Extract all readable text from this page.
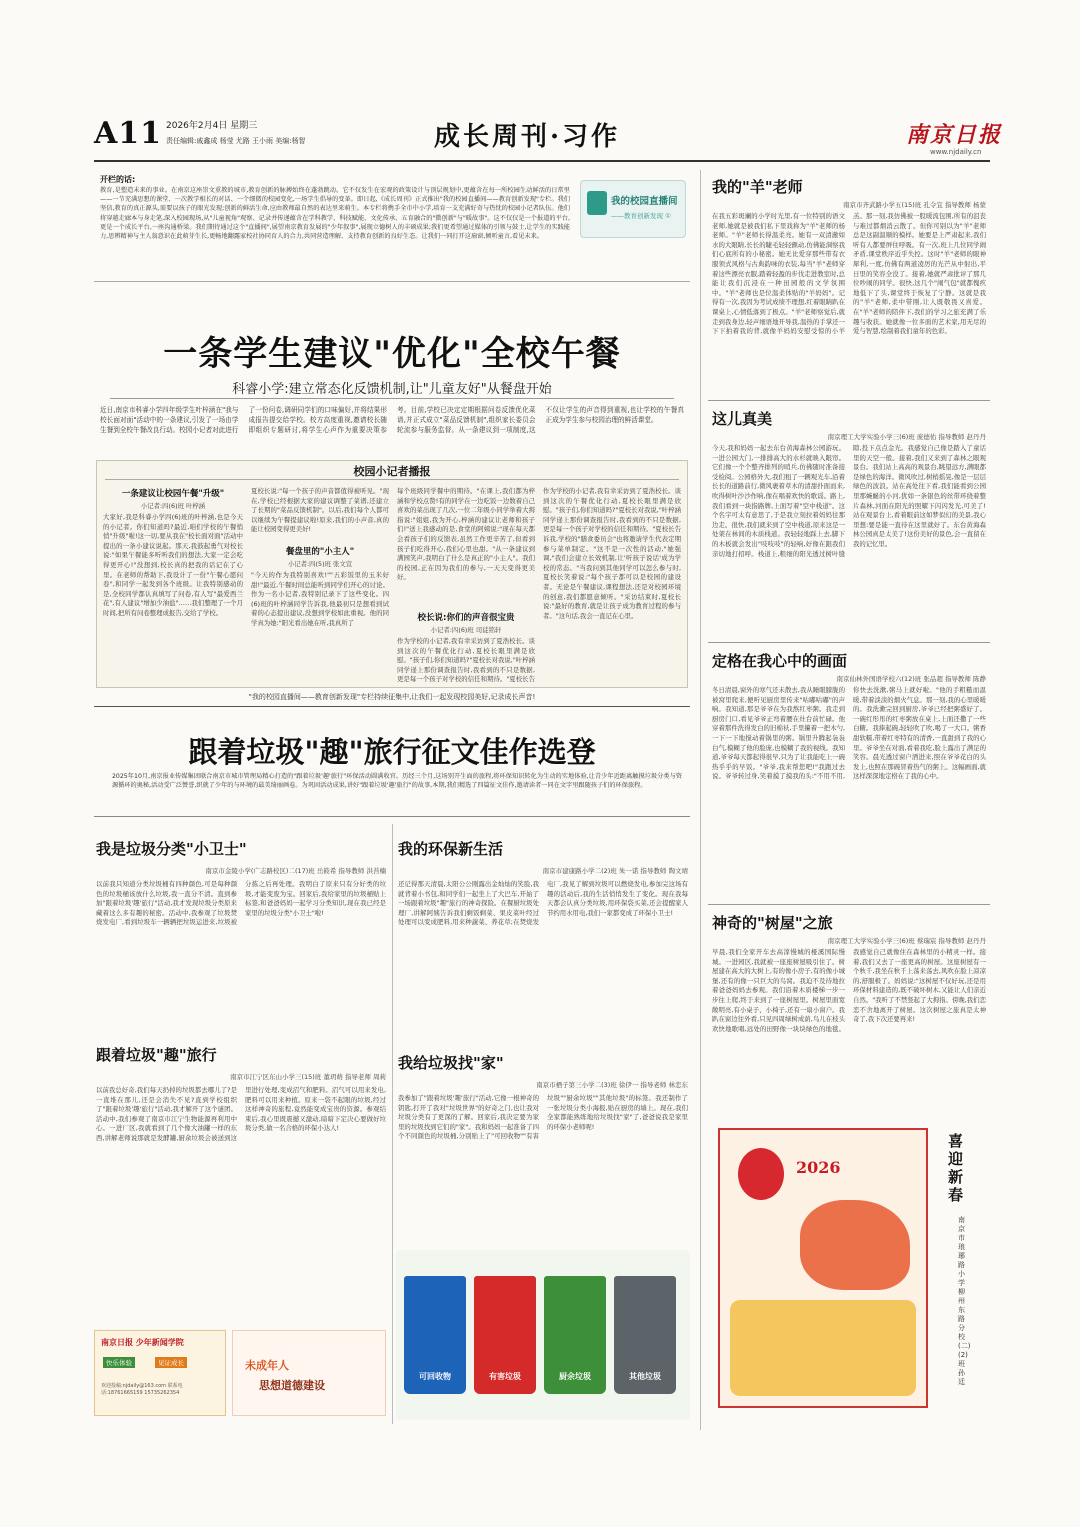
A11 2026年2月4日 星期三
责任编辑:戚鑫成 杨莹 尤路 王小雨 美编:杨智	成长周刊·习作	南京日报
www.njdaily.cn
开栏的话:
教育,是塑造未来的事业。在南京这座崇文重教的城市,教育创新的脉搏始终在蓬勃跳动。它不仅发生在宏观的政策设计与顶层规划中,更蕴含在每一所校园生动鲜活的日常里——一节充满思想的课堂、一次教学相长的对话、一个细微的校园变化,一场学生倡导的变革。即日起,《成长周刊》正式推出"我的校园直播间——教育创新发现"专栏。我们坚信,教育的真正源头,需要以孩子的眼光发现;创新的鲜活生命,应由教师最自然的表达里来萌生。本专栏将携手全市中小学,培育一支充满好奇与热忱的校园小记者队伍。他们将穿越走廊本与身走笔,深入校园现场,从"儿童视角"观察、记录并传递蕴含在学科教学、科技赋能、文化传承、五育融合的"微创新"与"暖故事"。这不仅仅是一个报道的平台,更是一个成长平台,一座沟通桥梁。我们期待通过这个"直播间",展望南京教育发展的"少年叙事",展现立德树人的丰硕成果;我们更希望通过媒体的引领与鼓士,让学生的实践能力,思辨精神与主人翁意识在此萌芽生长,更畅地翻露家校社协同育人的合力,共同营造理解、支持教育创新的良好生态。让我们一同打开这扇窗,倾听童言,看见未来。
我的校园直播间
——教育创新发现 ①
一条学生建议"优化"全校午餐
科睿小学:建立常态化反馈机制,让"儿童友好"从餐盘开始
近日,南京市科睿小学四年级学生叶梓涵在"我与校长面对面"活动中的一条建议,引发了一场由学生餐到全校午餐改良行动。校园小记者对此进行了一份问卷,调研同学们的口味偏好,并将结果形成报告提交给学校。校方高度重视,邀请校长随即组织专题研讨,将学生心声作为重要决策参考。目前,学校已决定定期根据问卷反馈优化菜谱,并正式成立"菜品反馈机制",组织家长委员会轮流参与服务监督。从一条建议到一项制度,这不仅让学生的声音得到重视,也让学校的午餐真正成为学生参与校园治理的鲜活课堂。
校园小记者播报
一条建议让校园午餐"升级"
小记者:四(6)班 叶梓涵
大家好,我是科睿小学四(6)班的叶梓涵,也是今天的小记者。你们知道吗?最近,咱们学校的午餐悄悄"升级"啦!这一切,要从我在"校长面对面"活动中提出的一条小建议说起。那天,我鼓起勇气对校长说:"如果午餐能多听听我们的想法,大家一定会吃得更开心!"没想到,校长真的把我的话记在了心里。在老师的帮助下,我设计了一份"午餐心愿问卷",和同学一起发到各个班级。让我特别感动的是,全校同学都认真填写了问卷,有人写"最爱西兰花",有人建议"增加少油盐"……我们整理了一个月时间,把所有问卷整理成报告,交给了学校。
夏校长说:"每一个孩子的声音都值得被听见。"现在,学校已经根据大家的建议调整了菜谱,还建立了长期的"菜品反馈机制"。以后,我们每个人都可以继续为午餐提建议啦!原来,我们的小声音,真的能让校园变得更美好!
餐盘里的"小主人"
小记者:四(5)班 张文宣
"今天的作为我特别喜欢!""五彩饭里的玉米好甜!"最近,午餐时间总能听到同学们开心的讨论。作为一名小记者,我特别记录下了这些变化。四(6)班的叶梓涵同学告诉我,他最初只是想看到试着的心态提出建议,没想到学校如此重视。他的同学真为她:"阳光看出她在听,我真所了
每个班级同学餐中的期待。"在课上,我们都为梓涵和学校点赞!有的同学在一边吃饭一边数着自己喜欢的菜出现了几次,一位二年级小同学举着大拇指说:"姐姐,我为开心,梓涵的建议让老师和孩子们!"送上我感动的是,食堂的阿姨说:"现在每天都会看孩子们的反馈表,虽然工作更辛苦了,但看到孩子们吃得开心,我们心里也甜。"从一条建议到满园笑声,我明白了什么是真正的"小主人"。我们的校园,正在因为我们的参与,一天天变得更美好。
校长说:你们的声音很宝贵
小记者:四(6)班 司徒铭轩
作为学校的小记者,我有幸采访到了夏浩校长。谈到这次的午餐优化行动,夏校长眼里满是欣慰。"孩子们,你们知道吗?"夏校长对我说,"叶梓涵同学递上那份调查报告时,我看到的不只是数据,更是每一个孩子对学校的信任和期待。"夏校长告
作为学校的小记者,我有幸采访到了夏浩校长。谈到这次的午餐优化行动,夏校长眼里满是欣慰。"孩子们,你们知道吗?"夏校长对我说,"叶梓涵同学递上那份调查报告时,我看到的不只是数据,更是每一个孩子对学校的信任和期待。"夏校长告诉我,学校的"膳食委员会"也将邀请学生代表定期参与菜单制定。"这不是一次性的活动,"她强调,"我们会建立长效机制,让'听孩子说话'成为学校的常态。"当我问到其他同学可以怎么参与时,夏校长笑着说:"每个孩子都可以是校园的建设者。无论是午餐建议,课程想法,还是对校园环境的创意,我们都愿意倾听。"采访结束时,夏校长说:"最好的教育,就是让孩子成为教育过程的参与者。"这句话,我会一直记在心里。
"我的校园直播间——教育创新发现"专栏持续征集中,让我们一起发现校园美好,记录成长声音!
跟着垃圾"趣"旅行征文佳作选登
2025年10月,南京报业传媒集团联合南京市城市管理局精心打造的"跟着垃圾'趣'旅行"环保活动圆满收官。历经三个月,这场别开生面的旅程,将环保知识转化为生动的实地体验,让青少年近距离触摸垃圾分类与资源循环的奥秘,活动受广泛赞誉,织就了少年的与环境的最美绮丽画卷。为巩固活动成果,讲好"跟着垃圾'趣'旅行"的故事,本期,我们精选了四篇征文佳作,邀请读者一同在文字里跟随孩子们的环保旅程。
我是垃圾分类"小卫士"
南京市金陵小学(广志路校区)二(17)班 岳筱希 指导教师 洪苔楠
以前我只知道分类垃圾桶有四种颜色,可是每种颜色的垃圾桶该放什么垃圾,我一直分不清。直到参加"跟着垃圾'趣'旅行"活动,我才发现垃圾分类原来藏着这么多有趣的秘密。活动中,我参观了垃圾焚烧发电厂,看到垃圾车一辆辆把垃圾运进来,垃圾被分拣之后再处理。我明白了原来只有分好类的垃圾,才能变废为宝。回家后,我给家里的垃圾桶贴上标签,和爸爸妈妈一起学习分类知识,现在我已经是家里的垃圾分类"小卫士"啦!
跟着垃圾"趣"旅行
南京市江宁区东山小学三(15)班 董玥萌 指导老师 周莉
以前我总好奇,我们每天扔掉的垃圾都去哪儿了?是一直堆在那儿,还是会消失不见?直到学校组织了"跟着垃圾'趣'旅行"活动,我才解开了这个谜团。活动中,我们参观了南京市江宁生物能源再利用中心。一进厂区,我就看到了几个像大油罐一样的东西,讲解老师说那就是发酵罐,厨余垃圾会被送到这里进行处理,变成沼气和肥料。沼气可以用来发电,肥料可以用来种植。原来一袋不起眼的垃圾,经过这样神奇的旅程,竟然能变成宝贵的资源。参观结束后,我心里既震撼又激动,暗暗下定决心要做好垃圾分类,做一名合格的环保小达人!
南京日报 少年新闻学院
快乐体验	见证成长
欢迎投稿:njdaily@163.com 联系电话:18761665159 15735262354
未成年人
思想道德建设
我的环保新生活
南京市建康路小学二(2)班 朱一诺 指导教师 陶文靖
还记得那天清晨,太阳公公刚露出金灿灿的笑脸,我就背着小书包,和同学们一起坐上了大巴车,开始了一场跟着垃圾"趣"旅行的神奇探险。在餐厨垃圾处理厂,讲解阿姨告诉我们剩饭剩菜、果皮菜叶经过处理可以变成肥料,用来种蔬菜、养花草;在焚烧发电厂,我见了解到垃圾可以燃烧发电,参加完这场有趣的活动后,我的生活悄悄发生了变化。现在我每天都会认真分类垃圾,用环保袋买菜,还会提醒家人节约用水用电,我们一家都变成了环保小卫士!
我给垃圾找"家"
南京市栖子第三小学二(3)班 徐伊一 指导老师 林恋东
我参加了"跟着垃圾'趣'旅行"活动,它像一根神奇的钥匙,打开了我对"垃圾世界"的好奇之门,也让我对垃圾分类有了更深的了解。回家后,我决定要为家里的垃圾找到它们的"家"。我和妈妈一起准备了四个不同颜色的垃圾桶,分别贴上了"可回收物""有害垃圾""厨余垃圾""其他垃圾"的标签。我还制作了一张垃圾分类小海报,贴在厨房的墙上。现在,我们全家都能熟练地给垃圾找"家"了,爸爸说我是家里的环保小老师呢!
可回收物	有害垃圾	厨余垃圾	其他垃圾
我的"羊"老师
南京市齐武路小学五(15)班 孔令宜 指导教师 杨蒙
在我五彩斑斓的小学时光里,有一位特别的语文老师,她就是被我们私下里戏称为"羊"老师的杨老师。"羊"老师长得温柔亮。她有一双清澈如水的大眼睛,长长的睫毛轻轻颤动,仿佛能洞察我们心底所有的小秘密。她无比爱穿那些带有衣服领式风格与古典韵味的衣装,每当"羊"老师穿着这些漂亮衣服,踏着轻盈的步伐走进教室时,总能让我们沉浸在一种田园般的文学氛围中。"羊"老师也是位温柔体贴的"羊妈妈"。记得有一次,我因为考试成绩不理想,红着眼睛趴在课桌上,心情低落到了极点。"羊"老师察觉后,就走到我身边,轻声细语地开导我,温热的手掌还一下下拍着我的背,就像羊妈妈安慰受惊的小羊羔。那一刻,我仿佛被一股暖流包围,所有的沮丧与难过都烟消云散了。但你可别以为"羊"老师总是这副温顺的模样。她要是上严肃起来,我们听有人都要屏住呼吸。有一次,班上几位同学闹矛盾,课堂秩序近乎失控。这时"羊"老师的眼神犀利,一度,仿佛有两道凌厉的光芒从中射出,平日里的笑容全没了。接着,她就严肃批评了那几位吵闹的同学。很快,这几个"闹气包"就都愧疚地低下了头,课堂终于恢复了宁静。这就是我的"羊"老师,柔中带刚,让人既敬畏又喜爱。在"羊"老师的陪伴下,我们的学习之旅充满了乐趣与收获。她就像一位多面的艺术家,用无尽的爱与智慧,绘制着我们童年的色彩。
这儿真美
南京理工大学实验小学三(6)班 庞德佑 指导教师 赵丹丹
今天,我和妈妈一起去东台黄海森林公园游玩。一进公园大门,一排排高大的水杉就映入眼帘。它们像一个个整齐排列的哨兵,仿佛随时准备接受检阅。公园格外大,我们租了一辆观光车,沿着长长的道路前行,微风裹着草木的清甜扑面而来,吹得树叶沙沙作响,像在唱着欢快的歌谣。路上,我们看到一块指路牌,上面写着"空中栈道"。这个名字可太有意思了,于是我立刻拉着妈妈往那边走。很快,我们就来到了空中栈道,原来这是一处架在林间的木质栈道。我轻轻地踩上去,脚下的木板就会发出"吱吱吱"的轻响,好像在跟我们亲切地打招呼。栈道上,粗细的阳光透过树叶缝隙,投下点点金光。我感觉自己像是踏入了童话里的天空一般。接着,我们又来到了森林之眼观景台。我们站上高高的观景台,眺望远方,满眼都是绿色的海洋。微风吹过,树梢摇晃,像是一层层绿色的波浪。站在高处往下看,我们能看到公园里那蜿蜒的小河,犹如一条银色的丝带环绕着整片森林,河面在阳光的照耀下闪闪发光,可美了!站在观景台上,看着眼前这如梦似幻的美景,我心里想:要是能一直待在这里就好了。东台黄海森林公园真是太美了!这份美好的景色,会一直留在我的记忆里。
定格在我心中的画面
南京仙林外国语学校六(12)班 张品超 指导教师 陈静
冬日清晨,窗外的寒气还未散去,我从睡眼朦胧的被窝里爬来,便听见厨房里传来"咕嘟咕嘟"的声响。我知道,那是爷爷在为我熬红枣粥。我走到厨房门口,看见爷爷正弯着腰在灶台前忙碌。他穿着那件洗得发白的旧棉袄,手里攥着一把木勺,一下一下地搅动着锅里的粥。锅里升腾起袅袅白气,模糊了他的脸庞,也模糊了我的视线。我知道,爷爷每天都起得很早,只为了让我能吃上一碗热乎乎的早饭。"爷爷,我来帮您吧!"我跑过去说。爷爷转过身,笑着摸了摸我的头:"不用不用,你快去洗漱,粥马上就好啦。"他的手粗糙而温暖,带着淡淡的烟火气息。那一刻,我的心里暖暖的。我洗漱完回到厨房,爷爷已经把粥盛好了。一碗红彤彤的红枣粥放在桌上,上面还撒了一些白糖。我捧起碗,轻轻吹了吹,喝了一大口。粥香甜软糯,带着红枣特有的清香,一直甜到了我的心里。爷爷坐在对面,看着我吃,脸上露出了满足的笑容。晨光透过窗户洒进来,照在爷爷花白的头发上,也照在那碗冒着热气的粥上。这幅画面,就这样深深地定格在了我的心中。
神奇的"树屋"之旅
南京理工大学实验小学三(6)班 蔡瑞宸 指导教师 赵丹丹
早晨,我们全家开车去高淳慢城的桠溪国际慢城。一进园区,我就被一座座树屋吸引住了。树屋建在高大的大树上,有的像小房子,有的像小城堡,还有的像一只巨大的鸟窝。我迫不及待地拉着爸爸妈妈去参观。我们沿着木质楼梯一步一步往上爬,终于来到了一座树屋里。树屋里面宽敞明亮,有小桌子、小椅子,还有一扇小窗户。我趴在窗边往外看,只见四周绿树成荫,鸟儿在枝头欢快地歌唱,远处的田野像一块块绿色的地毯。我感觉自己就像住在森林里的小精灵一样。接着,我们又去了一座更高的树屋。这座树屋有一个秋千,我坐在秋千上荡来荡去,风吹在脸上凉凉的,舒服极了。妈妈说:"这树屋不仅好玩,还是用环保材料建造的,既不破坏树木,又能让人们亲近自然。"我听了不禁竖起了大拇指。傍晚,我们恋恋不舍地离开了树屋。这次树屋之旅真是太神奇了,我下次还要再来!
2026
喜迎新春
南京市琅琊路小学柳州东路分校(二)(2)班 孙廷
